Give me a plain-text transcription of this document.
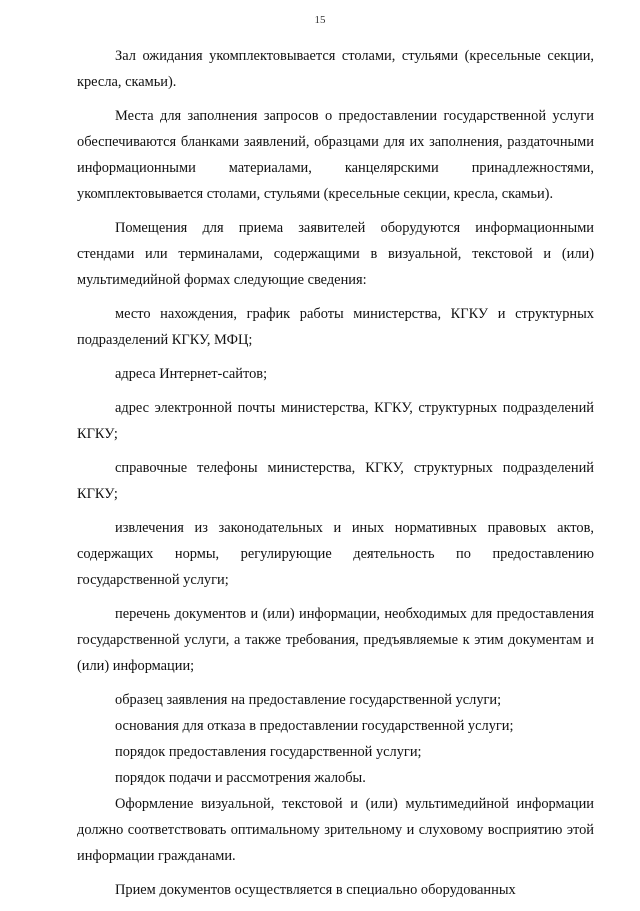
15

Зал ожидания укомплектовывается столами, стульями (кресельные секции, кресла, скамьи).

Места для заполнения запросов о предоставлении государственной услуги обеспечиваются бланками заявлений, образцами для их заполнения, раздаточными информационными материалами, канцелярскими принадлежностями, укомплектовывается столами, стульями (кресельные секции, кресла, скамьи).

Помещения для приема заявителей оборудуются информационными стендами или терминалами, содержащими в визуальной, текстовой и (или) мультимедийной формах следующие сведения:

место нахождения, график работы министерства, КГКУ и структурных подразделений КГКУ, МФЦ;

адреса Интернет-сайтов;

адрес электронной почты министерства, КГКУ, структурных подразделений КГКУ;

справочные телефоны министерства, КГКУ, структурных подразделений КГКУ;

извлечения из законодательных и иных нормативных правовых актов, содержащих нормы, регулирующие деятельность по предоставлению государственной услуги;

перечень документов и (или) информации, необходимых для предоставления государственной услуги, а также требования, предъявляемые к этим документам и (или) информации;

образец заявления на предоставление государственной услуги;

основания для отказа в предоставлении государственной услуги;

порядок предоставления государственной услуги;

порядок подачи и рассмотрения жалобы.

Оформление визуальной, текстовой и (или) мультимедийной информации должно соответствовать оптимальному зрительному и слуховому восприятию этой информации гражданами.

Прием документов осуществляется в специально оборудованных
